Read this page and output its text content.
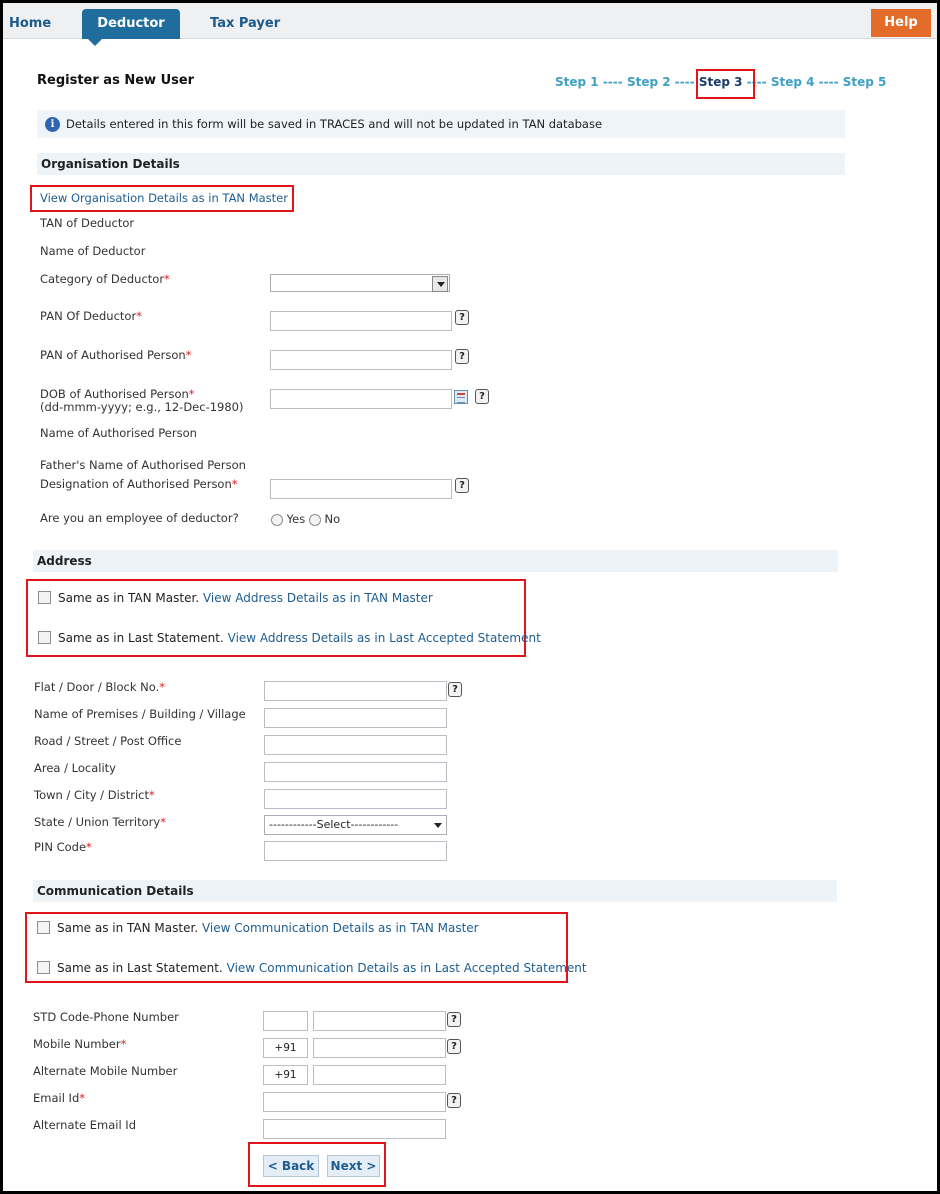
Home	Deductor	Tax Payer	Help
Register as New User	Step 1 ---- Step 2 ---- Step 3 ---- Step 4 ---- Step 5
i Details entered in this form will be saved in TRACES and will not be updated in TAN database
Organisation Details
View Organisation Details as in TAN Master
TAN of Deductor
Name of Deductor
Category of Deductor*
PAN Of Deductor*	?
PAN of Authorised Person*	?
DOB of Authorised Person*
(dd-mmm-yyyy; e.g., 12-Dec-1980)
?
Name of Authorised Person
Father's Name of Authorised Person
Designation of Authorised Person*	?
Are you an employee of deductor?	Yes No
Address
Same as in TAN Master. View Address Details as in TAN Master
Same as in Last Statement. View Address Details as in Last Accepted Statement
Flat / Door / Block No.*	?
Name of Premises / Building / Village
Road / Street / Post Office
Area / Locality
Town / City / District*
State / Union Territory*	------------Select------------
PIN Code*
Communication Details
Same as in TAN Master. View Communication Details as in TAN Master
Same as in Last Statement. View Communication Details as in Last Accepted Statement
STD Code-Phone Number	?
Mobile Number*	+91	?
Alternate Mobile Number	+91
Email Id*	?
Alternate Email Id
< Back	Next >
